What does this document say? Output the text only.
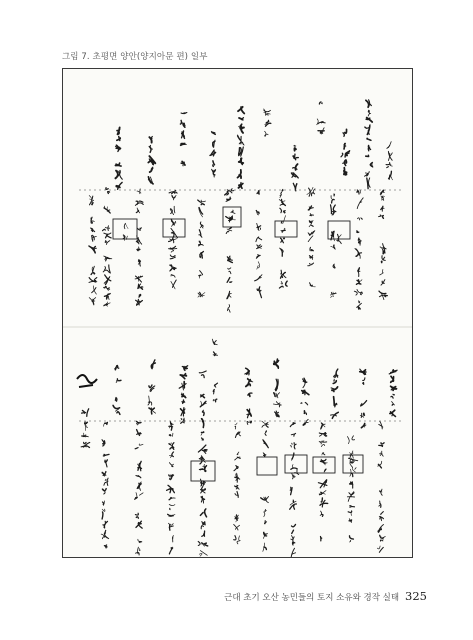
그림 7. 초평면 양안(양지아문 편) 일부
근대 초기 오산 농민들의 토지 소유와 경작 실태 325
